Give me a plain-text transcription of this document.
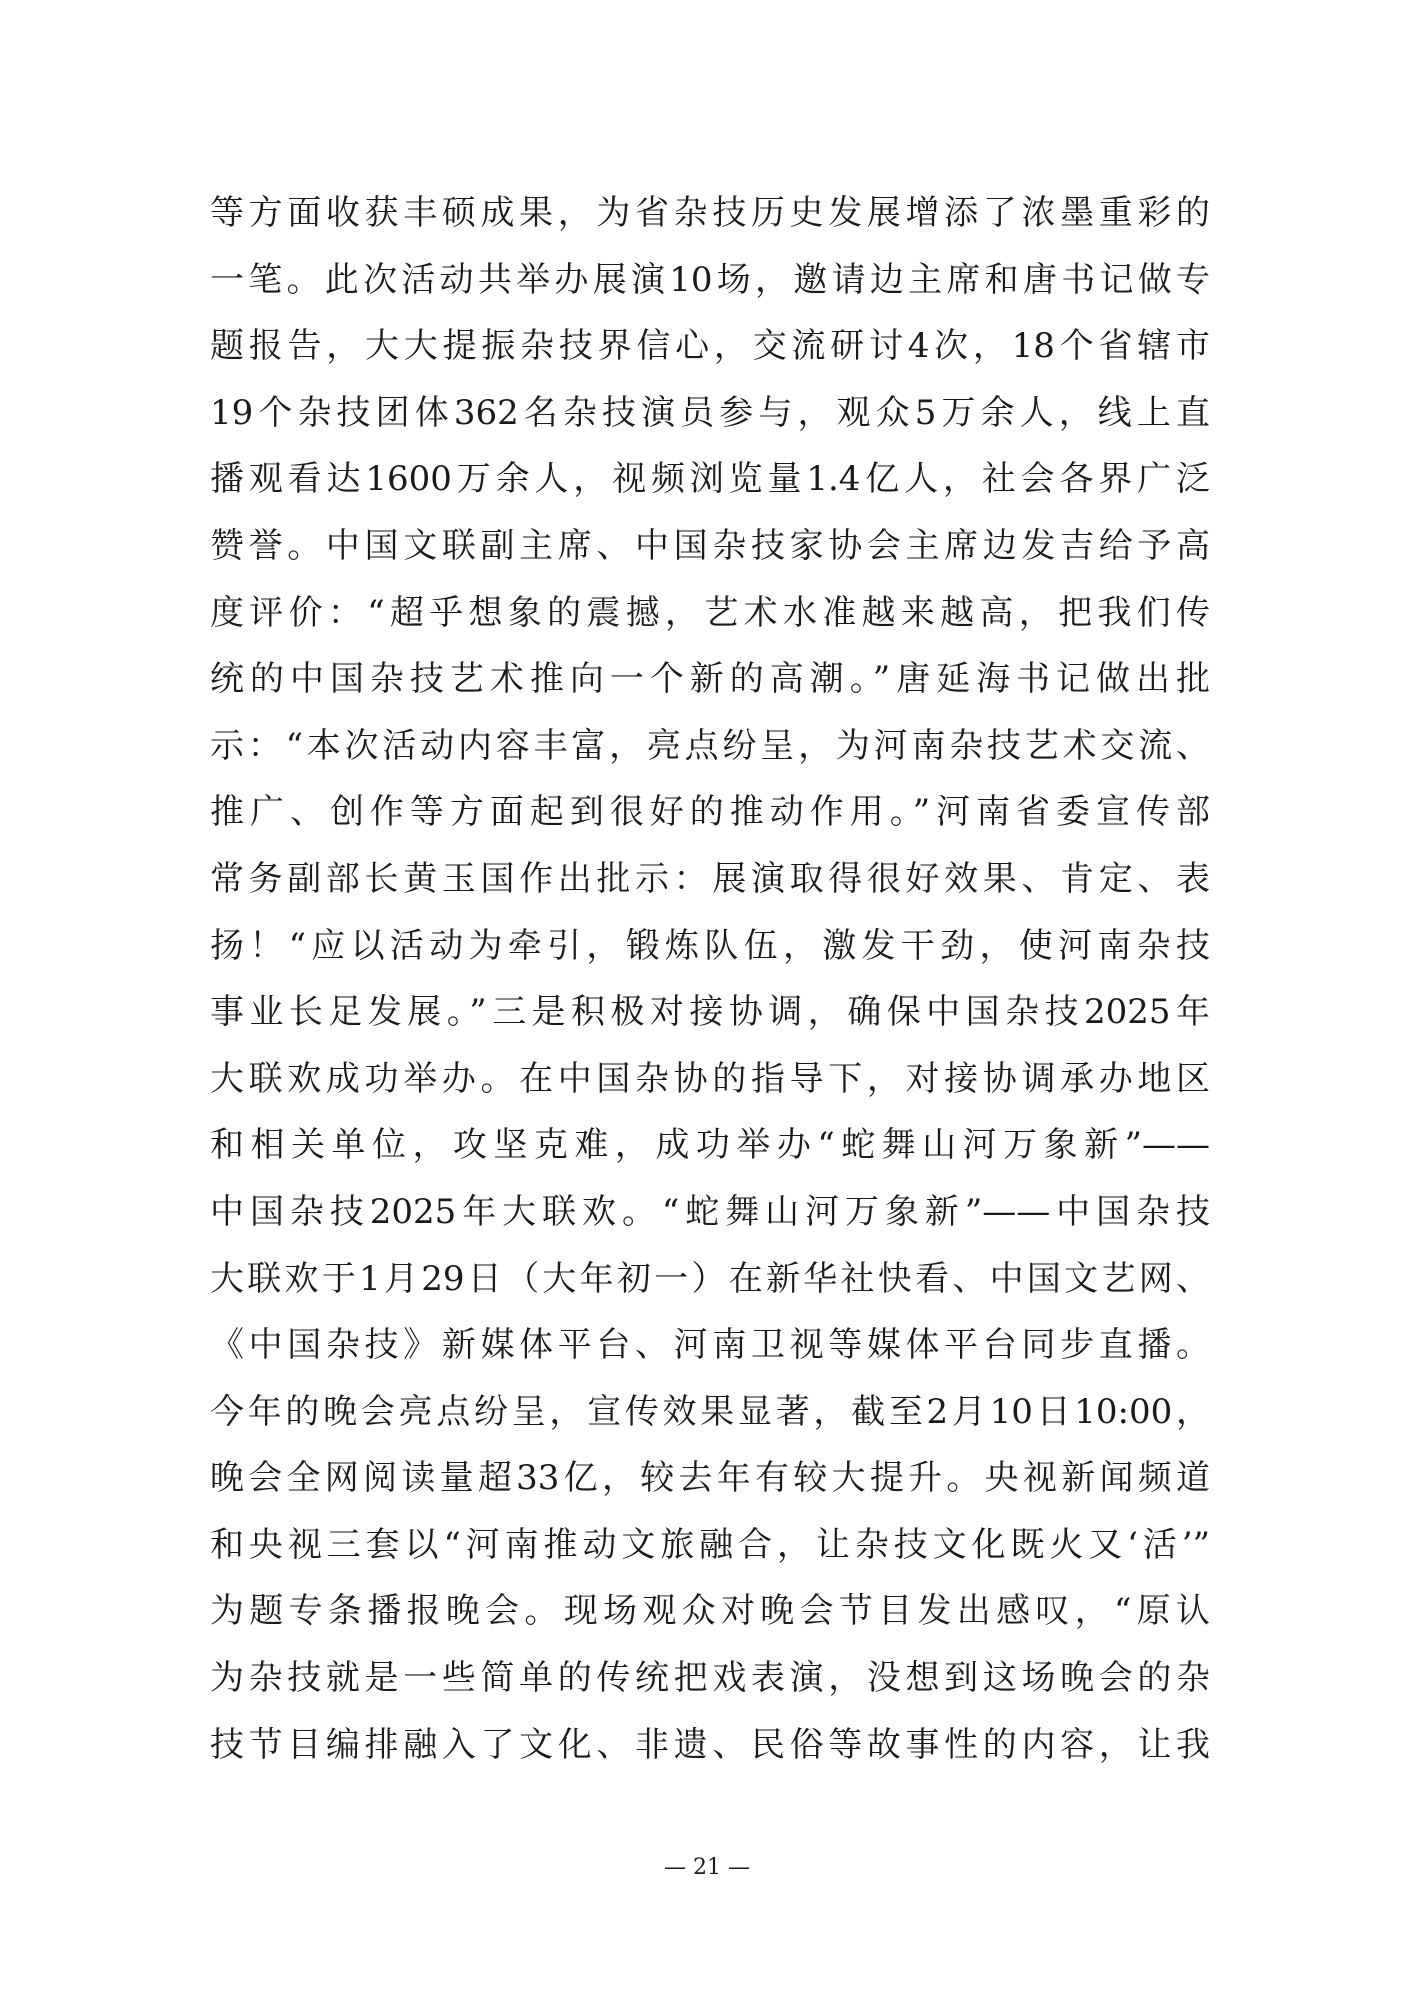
等方面收获丰硕成果，为省杂技历史发展增添了浓墨重彩的
一笔。此次活动共举办展演10场，邀请边主席和唐书记做专
题报告，大大提振杂技界信心，交流研讨4次，18个省辖市
19个杂技团体362名杂技演员参与，观众5万余人，线上直
播观看达1600万余人，视频浏览量1.4亿人，社会各界广泛
赞誉。中国文联副主席、中国杂技家协会主席边发吉给予高
度评价：“超乎想象的震撼，艺术水准越来越高，把我们传
统的中国杂技艺术推向一个新的高潮。”唐延海书记做出批
示：“本次活动内容丰富，亮点纷呈，为河南杂技艺术交流、
推广、创作等方面起到很好的推动作用。”河南省委宣传部
常务副部长黄玉国作出批示：展演取得很好效果、肯定、表
扬！“应以活动为牵引，锻炼队伍，激发干劲，使河南杂技
事业长足发展。”三是积极对接协调，确保中国杂技2025年
大联欢成功举办。在中国杂协的指导下，对接协调承办地区
和相关单位，攻坚克难，成功举办“蛇舞山河万象新”——
中国杂技2025年大联欢。“蛇舞山河万象新”——中国杂技
大联欢于1月29日（大年初一）在新华社快看、中国文艺网、
《中国杂技》新媒体平台、河南卫视等媒体平台同步直播。
今年的晚会亮点纷呈，宣传效果显著，截至2月10日10:00，
晚会全网阅读量超33亿，较去年有较大提升。央视新闻频道
和央视三套以“河南推动文旅融合，让杂技文化既火又‘活’”
为题专条播报晚会。现场观众对晚会节目发出感叹，“原认
为杂技就是一些简单的传统把戏表演，没想到这场晚会的杂
技节目编排融入了文化、非遗、民俗等故事性的内容，让我
— 21 —
